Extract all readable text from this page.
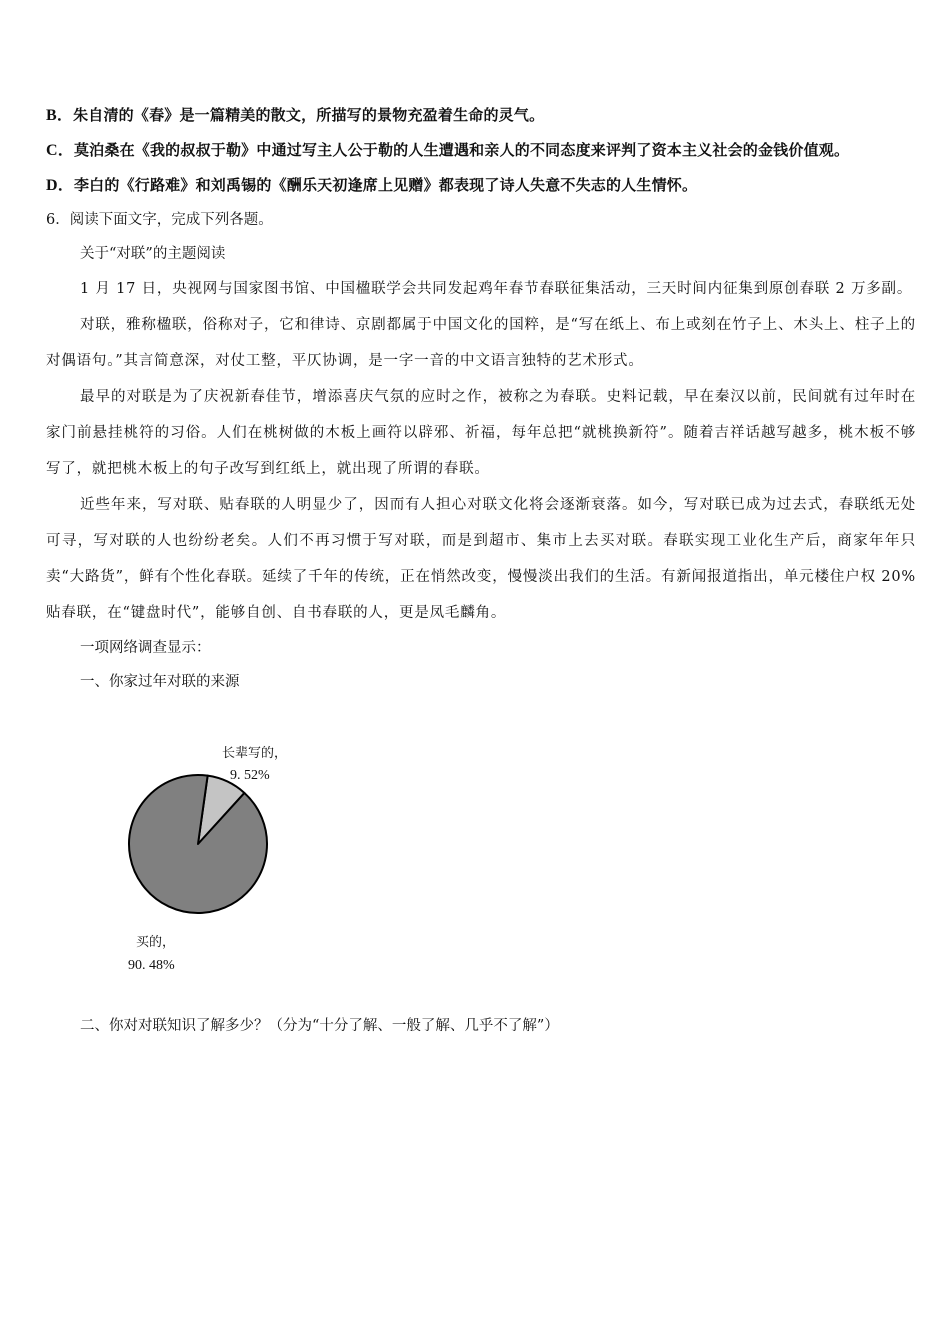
B．朱自清的《春》是一篇精美的散文，所描写的景物充盈着生命的灵气。
C．莫泊桑在《我的叔叔于勒》中通过写主人公于勒的人生遭遇和亲人的不同态度来评判了资本主义社会的金钱价值观。
D．李白的《行路难》和刘禹锡的《酬乐天初逢席上见赠》都表现了诗人失意不失志的人生情怀。
6．阅读下面文字，完成下列各题。
关于“对联”的主题阅读

1 月 17 日，央视网与国家图书馆、中国楹联学会共同发起鸡年春节春联征集活动，三天时间内征集到原创春联 2 万多副。

对联，雅称楹联，俗称对子，它和律诗、京剧都属于中国文化的国粹，是“写在纸上、布上或刻在竹子上、木头上、柱子上的对偶语句。”其言简意深，对仗工整，平仄协调，是一字一音的中文语言独特的艺术形式。

最早的对联是为了庆祝新春佳节，增添喜庆气氛的应时之作，被称之为春联。史料记载，早在秦汉以前，民间就有过年时在家门前悬挂桃符的习俗。人们在桃树做的木板上画符以辟邪、祈福，每年总把“就桃换新符”。随着吉祥话越写越多，桃木板不够写了，就把桃木板上的句子改写到红纸上，就出现了所谓的春联。

近些年来，写对联、贴春联的人明显少了，因而有人担心对联文化将会逐渐衰落。如今，写对联已成为过去式，春联纸无处可寻，写对联的人也纷纷老矣。人们不再习惯于写对联，而是到超市、集市上去买对联。春联实现工业化生产后，商家年年只卖“大路货”，鲜有个性化春联。延续了千年的传统，正在悄然改变，慢慢淡出我们的生活。有新闻报道指出，单元楼住户权 20%贴春联，在“键盘时代”，能够自创、自书春联的人，更是凤毛麟角。

一项网络调查显示：
一、你家过年对联的来源
长辈写的，
9. 52%
买的，
90. 48%
二、你对对联知识了解多少？（分为“十分了解、一般了解、几乎不了解”）
